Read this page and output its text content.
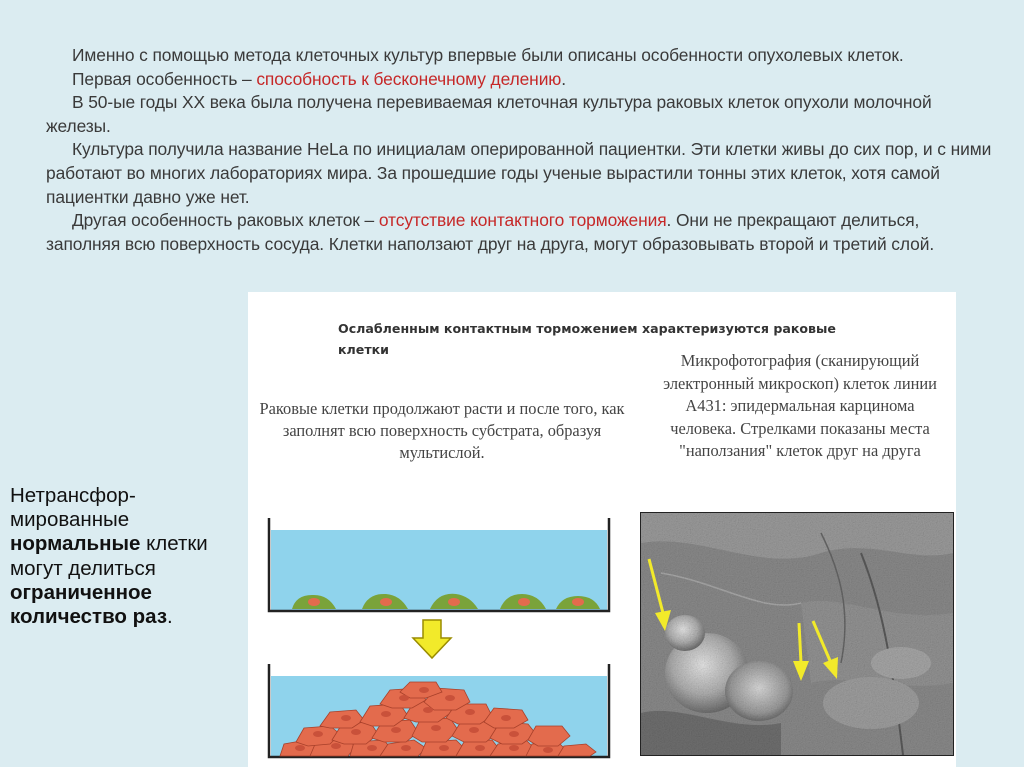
Именно с помощью метода клеточных культур впервые были описаны особенности опухолевых клеток.

Первая особенность – способность к бесконечному делению.

В 50-ые годы ХХ века была получена перевиваемая клеточная культура раковых клеток опухоли молочной железы.

Культура получила название НеLа по инициалам оперированной пациентки. Эти клетки живы до сих пор, и с ними работают во многих лабораториях мира. За прошедшие годы ученые вырастили тонны этих клеток, хотя самой пациентки давно уже нет.

Другая особенность раковых клеток – отсутствие контактного торможения. Они не прекращают делиться, заполняя всю поверхность сосуда. Клетки наползают друг на друга, могут образовывать второй и третий слой.

Ослабленным контактным торможением характеризуются раковые клетки
Раковые клетки продолжают расти и после того, как заполнят всю поверхность субстрата, образуя мультислой.
Микрофотография (сканирующий электронный микроскоп) клеток линии А431: эпидермальная карцинома человека. Стрелками показаны места "наползания" клеток друг на друга
Нетрансфор-мированные
нормальные клетки могут делиться ограниченное количество раз.
